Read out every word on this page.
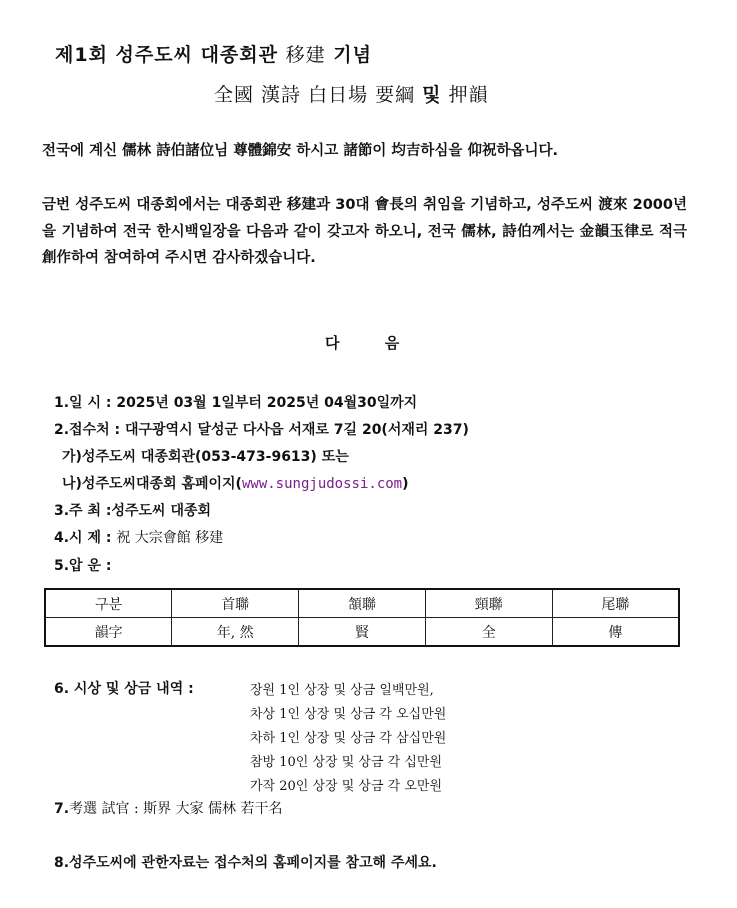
제1회 성주도씨 대종회관 移建 기념
全國 漢詩 白日場 要綱 및 押韻
전국에 계신 儒林 詩伯諸位님 尊體錦安 하시고 諸節이 均吉하심을 仰祝하옵니다.
금번 성주도씨 대종회에서는 대종회관 移建과 30대 會長의 취임을 기념하고, 성주도씨 渡來 2000년을 기념하여 전국 한시백일장을 다음과 같이 갖고자 하오니, 전국 儒林, 詩伯께서는 金韻玉律로 적극 創作하여 참여하여 주시면 감사하겠습니다.
다 음
1.일 시 : 2025년 03월 1일부터 2025년 04월30일까지
2.접수처 : 대구광역시 달성군 다사읍 서재로 7길 20(서재리 237)
가)성주도씨 대종회관(053-473-9613) 또는
나)성주도씨대종회 홈페이지(www.sungjudossi.com)
3.주 최 :성주도씨 대종회
4.시 제 : 祝 大宗會館 移建
5.압 운 :
구분	首聯	頷聯	頸聯	尾聯
韻字	年, 然	賢	全	傳
6. 시상 및 상금 내역 :	장원 1인 상장 및 상금 일백만원,
차상 1인 상장 및 상금 각 오십만원
차하 1인 상장 및 상금 각 삼십만원
참방 10인 상장 및 상금 각 십만원
가작 20인 상장 및 상금 각 오만원
7.考選 試官 : 斯界 大家 儒林 若干名
8.성주도씨에 관한자료는 접수처의 홈페이지를 참고해 주세요.
